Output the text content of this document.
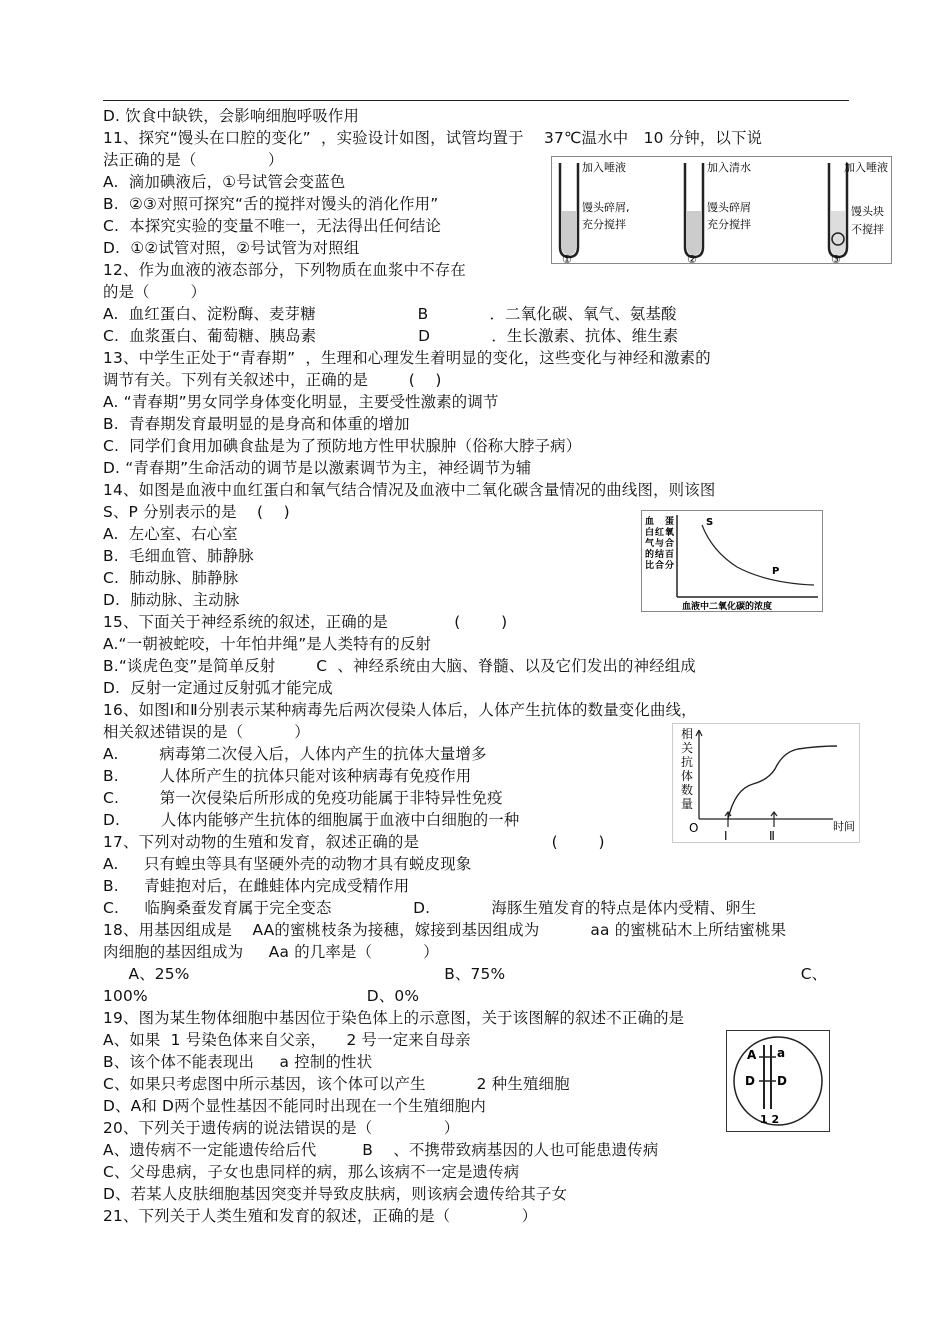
D. 饮食中缺铁，会影响细胞呼吸作用
11、探究“馒头在口腔的变化”  ，实验设计如图，试管均置于    37℃温水中   10 分钟，以下说
法正确的是（              ）
A.  滴加碘液后，①号试管会变蓝色
B.  ②③对照可探究“舌的搅拌对馒头的消化作用”
C.  本探究实验的变量不唯一，无法得出任何结论
D.  ①②试管对照，②号试管为对照组
12、作为血液的液态部分，下列物质在血浆中不存在
的是（        ）
A.  血红蛋白、淀粉酶、麦芽糖                    B            ．二氧化碳、氧气、氨基酸
C.  血浆蛋白、葡萄糖、胰岛素                    D            ．生长激素、抗体、维生素
13、中学生正处于“青春期”  ，生理和心理发生着明显的变化，这些变化与神经和激素的
调节有关。下列有关叙述中，正确的是        (    )
A. “青春期”男女同学身体变化明显，主要受性激素的调节
B.  青春期发育最明显的是身高和体重的增加
C.  同学们食用加碘食盐是为了预防地方性甲状腺肿（俗称大脖子病）
D. “青春期”生命活动的调节是以激素调节为主，神经调节为辅
14、如图是血液中血红蛋白和氧气结合情况及血液中二氧化碳含量情况的曲线图，则该图
S、P 分别表示的是    (    )
A.  左心室、右心室
B.  毛细血管、肺静脉
C.  肺动脉、肺静脉
D.  肺动脉、主动脉
15、下面关于神经系统的叙述，正确的是             (        )
A.“一朝被蛇咬，十年怕井绳”是人类特有的反射
B.“谈虎色变”是简单反射        C  、神经系统由大脑、脊髓、以及它们发出的神经组成
D.  反射一定通过反射弧才能完成
16、如图Ⅰ和Ⅱ分别表示某种病毒先后两次侵染人体后，人体产生抗体的数量变化曲线，
相关叙述错误的是（          ）
A.        病毒第二次侵入后，人体内产生的抗体大量增多
B.        人体所产生的抗体只能对该种病毒有免疫作用
C.        第一次侵染后所形成的免疫功能属于非特异性免疫
D.        人体内能够产生抗体的细胞属于血液中白细胞的一种
17、下列对动物的生殖和发育，叙述正确的是                          (        )
A.     只有蝗虫等具有坚硬外壳的动物才具有蜕皮现象
B.     青蛙抱对后，在雌蛙体内完成受精作用
C.     临胸桑蚕发育属于完全变态                D.            海豚生殖发育的特点是体内受精、卵生
18、用基因组成是    AA的蜜桃枝条为接穗，嫁接到基因组成为          aa 的蜜桃砧木上所结蜜桃果
肉细胞的基因组成为     Aa 的几率是（          ）
A、25%                                                  B、75%                                                          C、
100%                                           D、0%
19、图为某生物体细胞中基因位于染色体上的示意图，关于该图解的叙述不正确的是
A、如果  1 号染色体来自父亲，    2 号一定来自母亲
B、该个体不能表现出     a 控制的性状
C、如果只考虑图中所示基因，该个体可以产生          2 种生殖细胞
D、A和 D两个显性基因不能同时出现在一个生殖细胞内
20、下列关于遗传病的说法错误的是（              ）
A、遗传病不一定能遗传给后代         B    、不携带致病基因的人也可能患遗传病
C、父母患病，子女也患同样的病，那么该病不一定是遗传病
D、若某人皮肤细胞基因突变并导致皮肤病，则该病会遗传给其子女
21、下列关于人类生殖和发育的叙述，正确的是（              ）
加入唾液
馒头碎屑,
充分搅拌
①
加入清水
馒头碎屑
充分搅拌
②
加入唾液
馒头块
不搅拌
③
血
白
气
的
比
红
与
结
合
蛋
氧
合
百
分
S
P
血液中二氧化碳的浓度
相
关
抗
体
数
量
O	时间
Ⅰ	Ⅱ
A a
D D
1 2
